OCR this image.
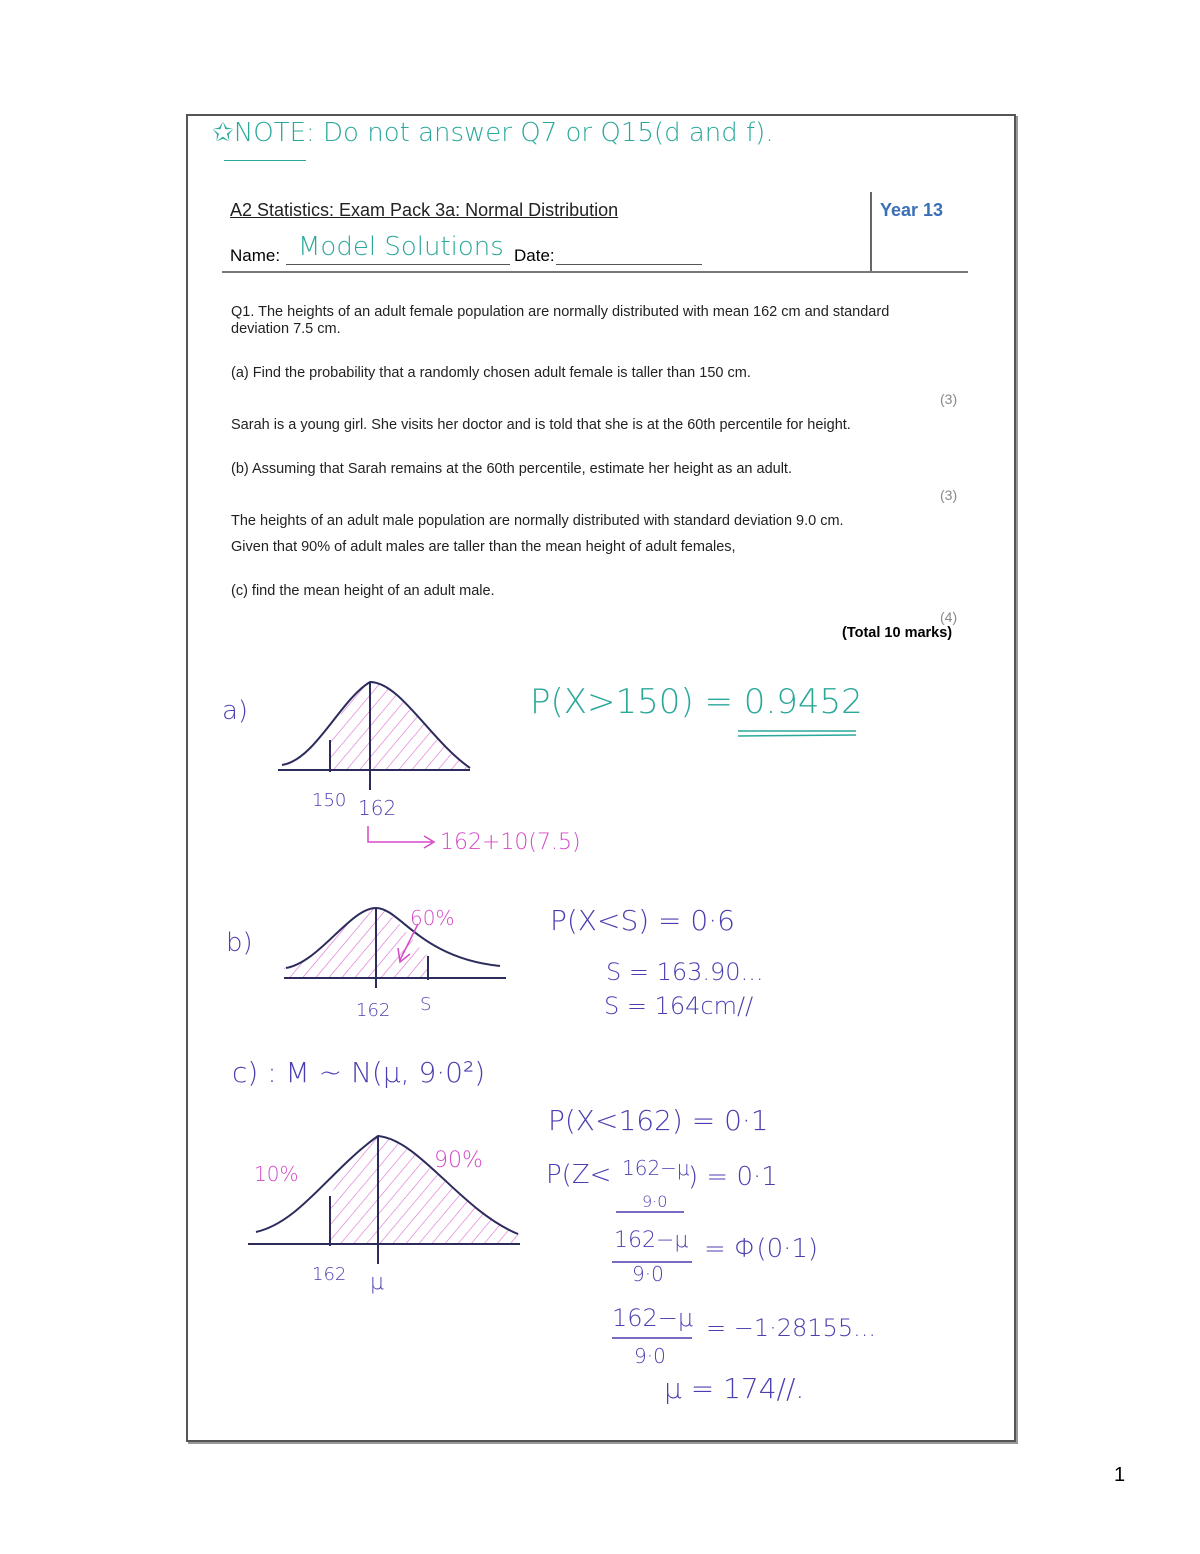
✩NOTE: Do not answer Q7 or Q15(d and f).

A2 Statistics: Exam Pack 3a: Normal Distribution	Year 13

Name: Model Solutions Date:

Q1. The heights of an adult female population are normally distributed with mean 162 cm and standard

deviation 7.5 cm.

(a) Find the probability that a randomly chosen adult female is taller than 150 cm.

(3)

Sarah is a young girl. She visits her doctor and is told that she is at the 60th percentile for height.

(b) Assuming that Sarah remains at the 60th percentile, estimate her height as an adult.

(3)

The heights of an adult male population are normally distributed with standard deviation 9.0 cm.

Given that 90% of adult males are taller than the mean height of adult females,

(c) find the mean height of an adult male.

(4)

(Total 10 marks)

a)

150 162

162+10(7.5)

P(X>150) = 0.9452

b)

60%

162 S

P(X<S) = 0·6

S = 163.90...

S = 164cm//

c) : M ~ N(μ, 9·0²)

10%

90%

162 μ

P(X<162) = 0·1

P(Z< 162−μ

9·0

) = 0·1

162−μ

9·0

= Φ(0·1)

162−μ

9·0

= −1·28155...

μ = 174//.

1
